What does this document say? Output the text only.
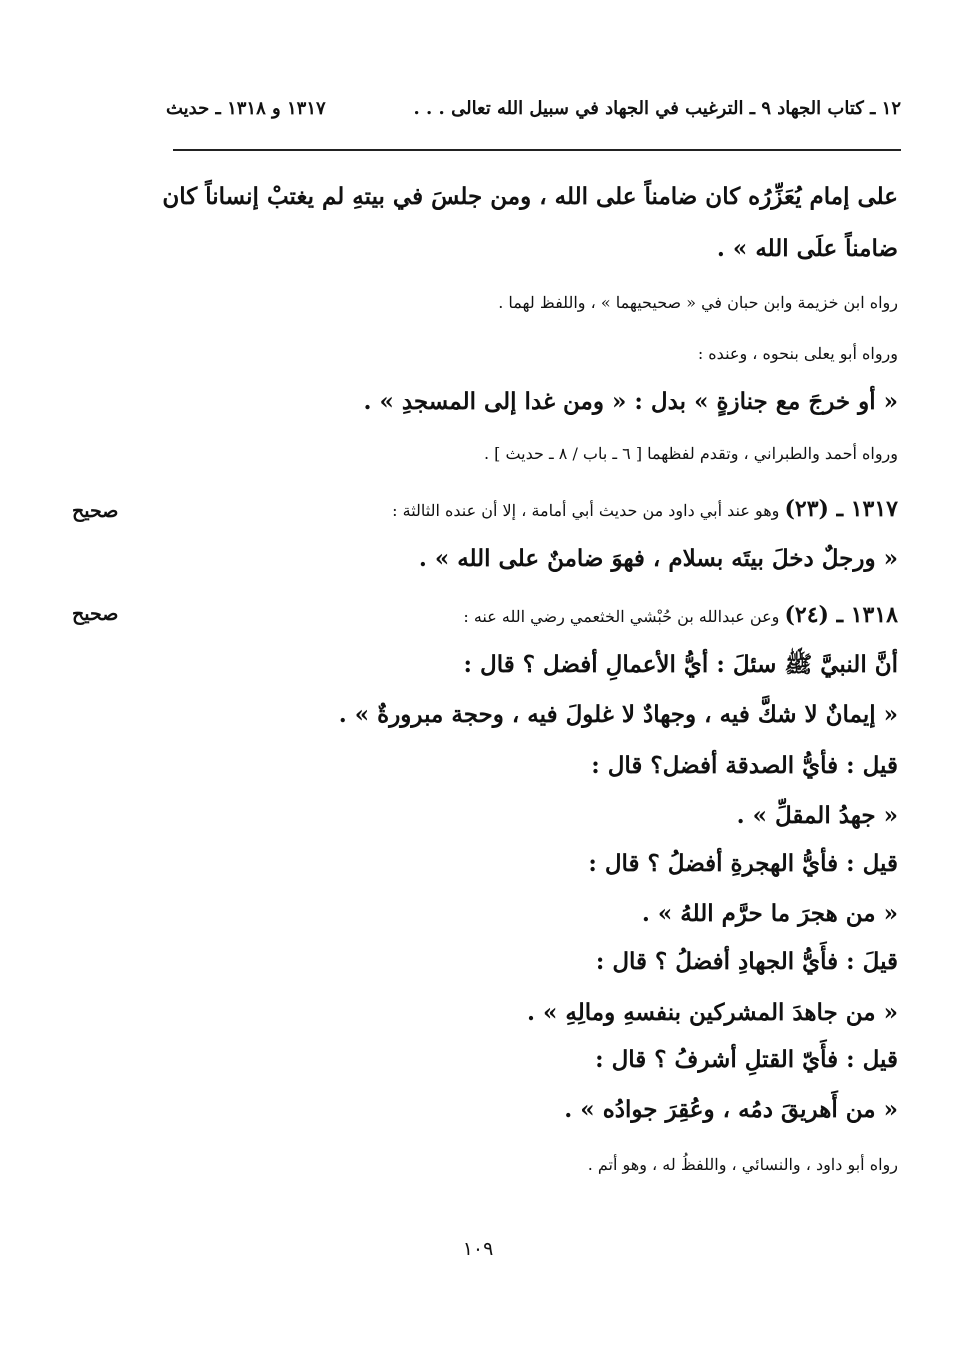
١٢ ـ كتاب الجهاد ٩ ـ الترغيب في الجهاد في سبيل الله تعالى . . .
١٣١٧ و ١٣١٨ ـ حديث
على إمام يُعَزِّرُه كان ضامناً على الله ، ومن جلسَ في بيتهِ لم يغتبْ إنساناً كان
ضامناً علَى الله » .
رواه ابن خزيمة وابن حبان في « صحيحيهما » ، واللفظ لهما .
ورواه أبو يعلى بنحوه ، وعنده :
« أو خرجَ مع جنازةٍ » بدل : « ومن غدا إلى المسجدِ » .
ورواه أحمد والطبراني ، وتقدم لفظهما [ ٦ ـ باب / ٨ ـ حديث ] .
١٣١٧ ـ (٢٣) وهو عند أبي داود من حديث أبي أمامة ، إلا أن عنده الثالثة :
صحيح
« ورجلٌ دخلَ بيتَه بسلام ، فهوَ ضامنٌ على الله » .
١٣١٨ ـ (٢٤) وعن عبدالله بن حُبْشي الخثعمي رضي الله عنه :
صحيح
أنَّ النبيَّ ﷺ سئلَ : أيُّ الأعمالِ أفضل ؟ قال :
« إيمانٌ لا شكَّ فيه ، وجهادٌ لا غلولَ فيه ، وحجة مبرورةٌ » .
قيل : فأيُّ الصدقة أفضل؟ قال :
« جهدُ المقلِّ » .
قيل : فأيُّ الهجرةِ أفضلُ ؟ قال :
« من هجرَ ما حرَّم اللهُ » .
قيلَ : فأَيُّ الجهادِ أفضلُ ؟ قال :
« من جاهدَ المشركين بنفسهِ ومالِهِ » .
قيل : فأَيّ القتلِ أشرفُ ؟ قال :
« من أَهريقَ دمُه ، وعُقِرَ جوادُه » .
رواه أبو داود ، والنسائي ، واللفظُ له ، وهو أتم .
١٠٩
